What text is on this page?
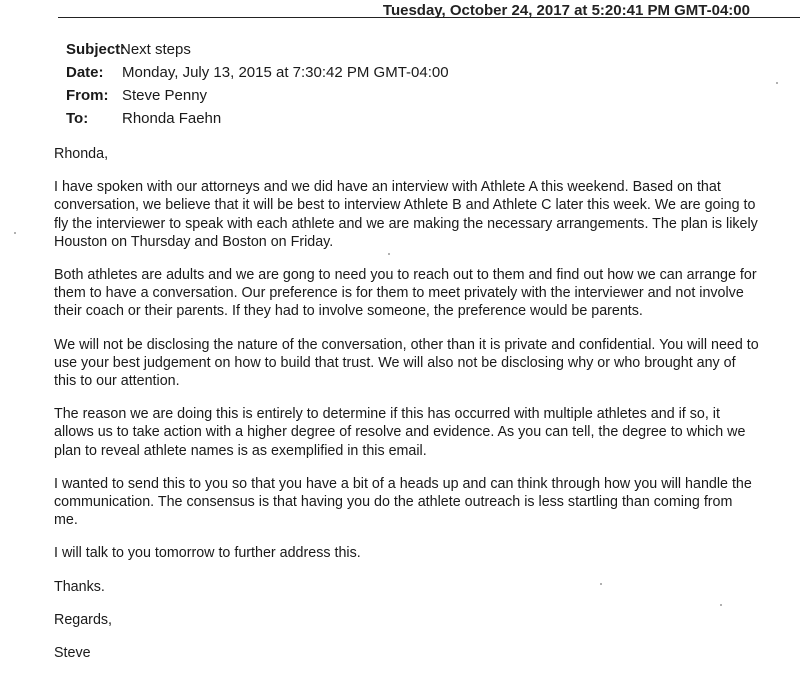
Tuesday, October 24, 2017 at 5:20:41 PM GMT-04:00
Subject:
Next steps
Date:	Monday, July 13, 2015 at 7:30:42 PM GMT-04:00
From: Steve Penny
To:	Rhonda Faehn

Rhonda,

I have spoken with our attorneys and we did have an interview with Athlete A this weekend. Based on that conversation, we believe that it will be best to interview Athlete B and Athlete C later this week. We are going to fly the interviewer to speak with each athlete and we are making the necessary arrangements. The plan is likely Houston on Thursday and Boston on Friday.

Both athletes are adults and we are gong to need you to reach out to them and find out how we can arrange for them to have a conversation. Our preference is for them to meet privately with the interviewer and not involve their coach or their parents. If they had to involve someone, the preference would be parents.

We will not be disclosing the nature of the conversation, other than it is private and confidential. You will need to use your best judgement on how to build that trust. We will also not be disclosing why or who brought any of this to our attention.

The reason we are doing this is entirely to determine if this has occurred with multiple athletes and if so, it allows us to take action with a higher degree of resolve and evidence. As you can tell, the degree to which we plan to reveal athlete names is as exemplified in this email.

I wanted to send this to you so that you have a bit of a heads up and can think through how you will handle the communication. The consensus is that having you do the athlete outreach is less startling than coming from me.

I will talk to you tomorrow to further address this.

Thanks.

Regards,

Steve
